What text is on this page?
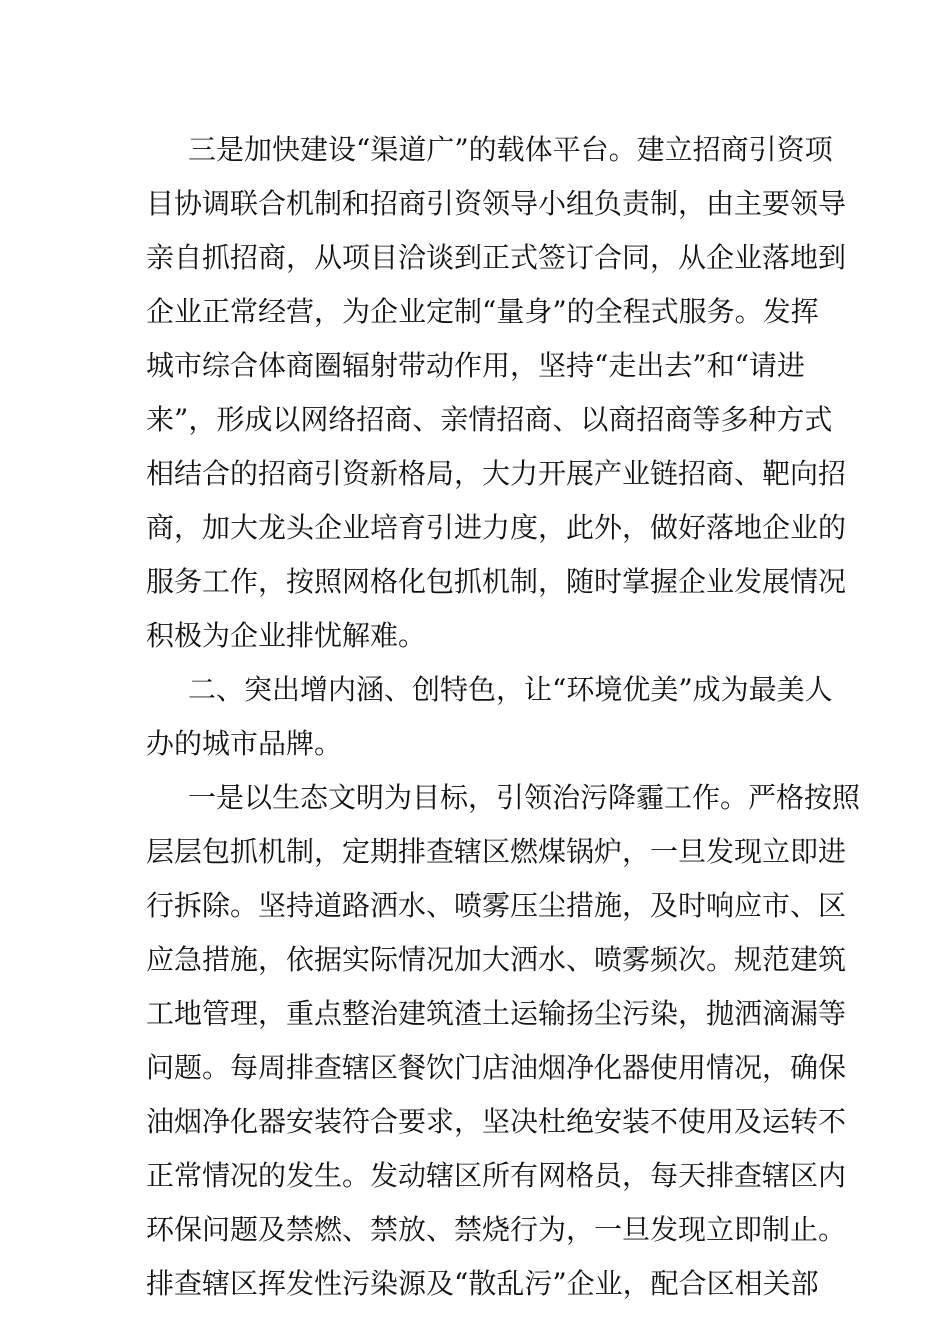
三是加快建设“渠道广”的载体平台。建立招商引资项
目协调联合机制和招商引资领导小组负责制，由主要领导
亲自抓招商，从项目洽谈到正式签订合同，从企业落地到
企业正常经营，为企业定制“量身”的全程式服务。发挥
城市综合体商圈辐射带动作用，坚持“走出去”和“请进
来”，形成以网络招商、亲情招商、以商招商等多种方式
相结合的招商引资新格局，大力开展产业链招商、靶向招
商，加大龙头企业培育引进力度，此外，做好落地企业的
服务工作，按照网格化包抓机制，随时掌握企业发展情况
积极为企业排忧解难。
二、突出增内涵、创特色，让“环境优美”成为最美人
办的城市品牌。
一是以生态文明为目标，引领治污降霾工作。严格按照
层层包抓机制，定期排查辖区燃煤锅炉，一旦发现立即进
行拆除。坚持道路洒水、喷雾压尘措施，及时响应市、区
应急措施，依据实际情况加大洒水、喷雾频次。规范建筑
工地管理，重点整治建筑渣土运输扬尘污染，抛洒滴漏等
问题。每周排查辖区餐饮门店油烟净化器使用情况，确保
油烟净化器安装符合要求，坚决杜绝安装不使用及运转不
正常情况的发生。发动辖区所有网格员，每天排查辖区内
环保问题及禁燃、禁放、禁烧行为，一旦发现立即制止。
排查辖区挥发性污染源及“散乱污”企业，配合区相关部
